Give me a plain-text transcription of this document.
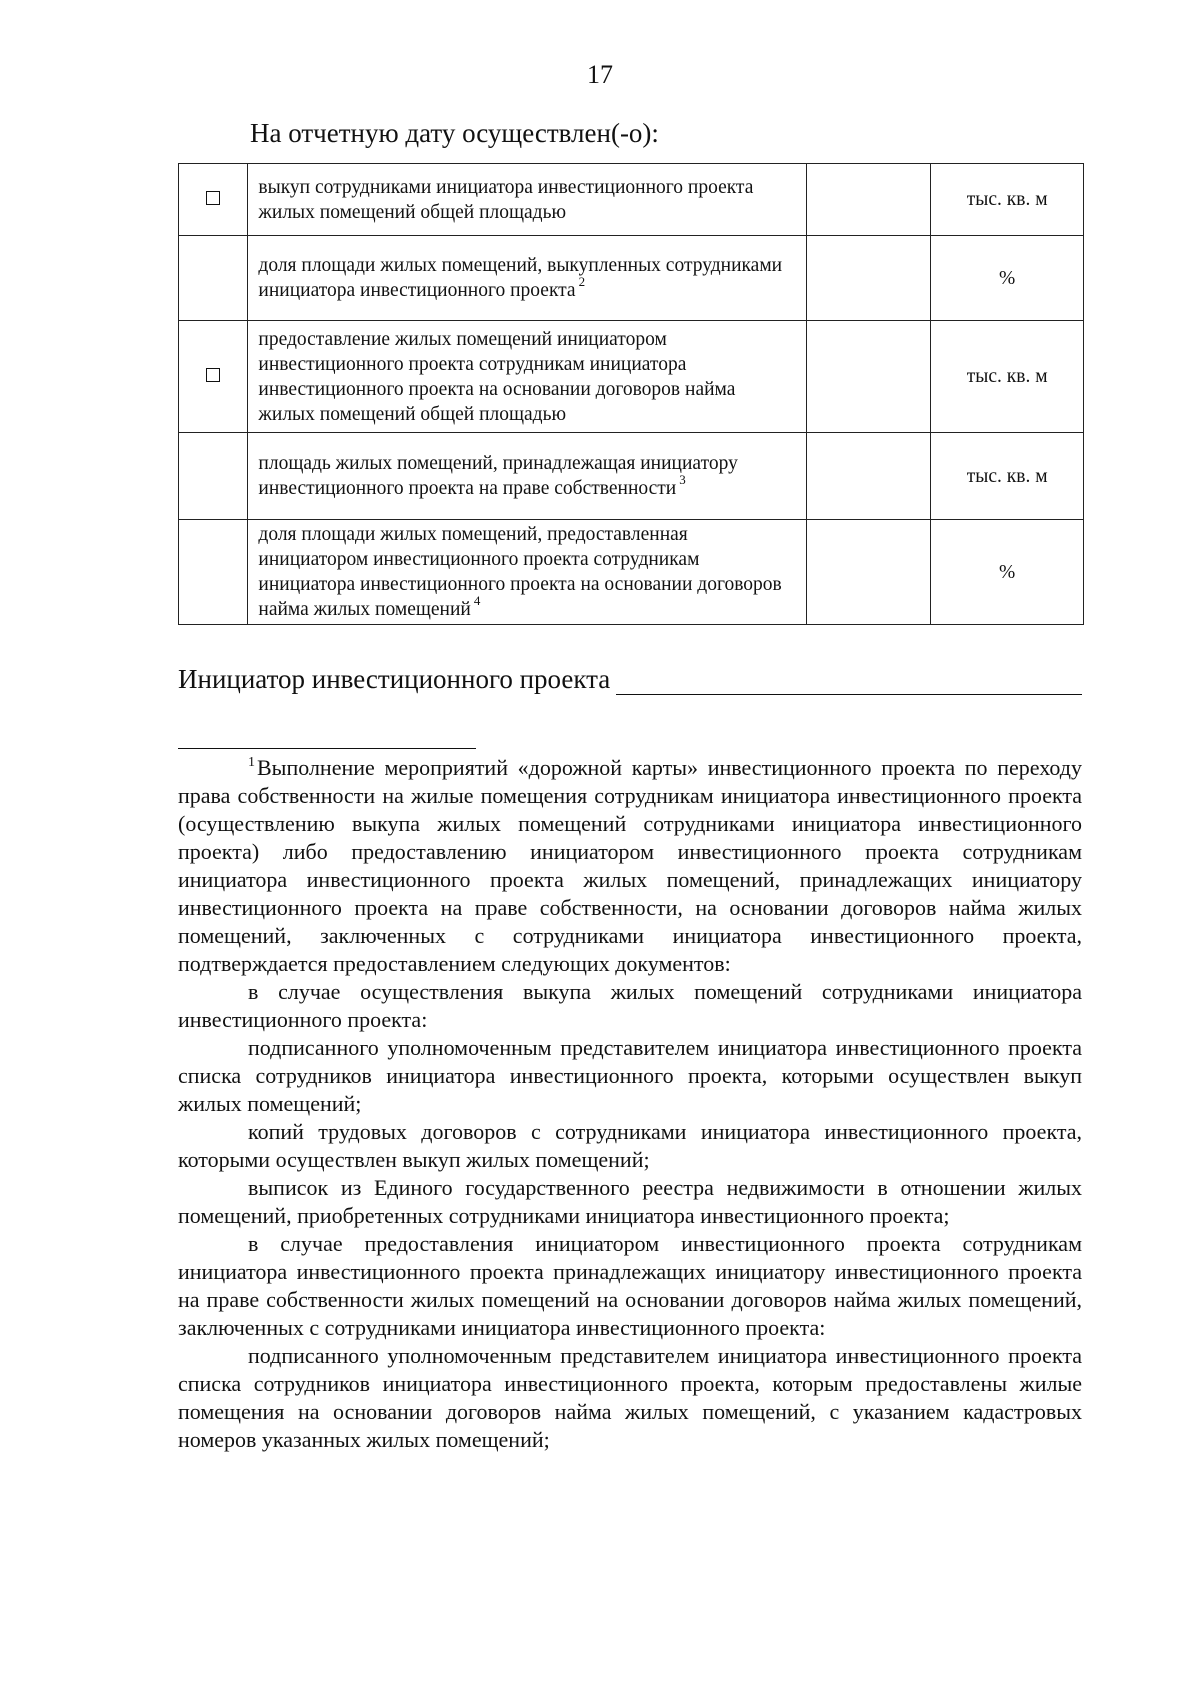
17
На отчетную дату осуществлен(-о):
	выкуп сотрудниками инициатора инвестиционного проекта жилых помещений общей площадью		тыс. кв. м
	доля площади жилых помещений, выкупленных сотрудниками инициатора инвестиционного проекта $^2$		%
	предоставление жилых помещений инициатором инвестиционного проекта сотрудникам инициатора инвестиционного проекта на основании договоров найма жилых помещений общей площадью		тыс. кв. м
	площадь жилых помещений, принадлежащая инициатору инвестиционного проекта на праве собственности $^3$		тыс. кв. м
	доля площади жилых помещений, предоставленная инициатором инвестиционного проекта сотрудникам инициатора инвестиционного проекта на основании договоров найма жилых помещений $^4$		%
Инициатор инвестиционного проекта

$^1$Выполнение мероприятий «дорожной карты» инвестиционного проекта по переходу права собственности на жилые помещения сотрудникам инициатора инвестиционного проекта (осуществлению выкупа жилых помещений сотрудниками инициатора инвестиционного проекта) либо предоставлению инициатором инвестиционного проекта сотрудникам инициатора инвестиционного проекта жилых помещений, принадлежащих инициатору инвестиционного проекта на праве собственности, на основании договоров найма жилых помещений, заключенных с сотрудниками инициатора инвестиционного проекта, подтверждается предоставлением следующих документов:

в случае осуществления выкупа жилых помещений сотрудниками инициатора инвестиционного проекта:

подписанного уполномоченным представителем инициатора инвестиционного проекта списка сотрудников инициатора инвестиционного проекта, которыми осуществлен выкуп жилых помещений;

копий трудовых договоров с сотрудниками инициатора инвестиционного проекта, которыми осуществлен выкуп жилых помещений;

выписок из Единого государственного реестра недвижимости в отношении жилых помещений, приобретенных сотрудниками инициатора инвестиционного проекта;

в случае предоставления инициатором инвестиционного проекта сотрудникам инициатора инвестиционного проекта принадлежащих инициатору инвестиционного проекта на праве собственности жилых помещений на основании договоров найма жилых помещений, заключенных с сотрудниками инициатора инвестиционного проекта:

подписанного уполномоченным представителем инициатора инвестиционного проекта списка сотрудников инициатора инвестиционного проекта, которым предоставлены жилые помещения на основании договоров найма жилых помещений, с указанием кадастровых номеров указанных жилых помещений;
